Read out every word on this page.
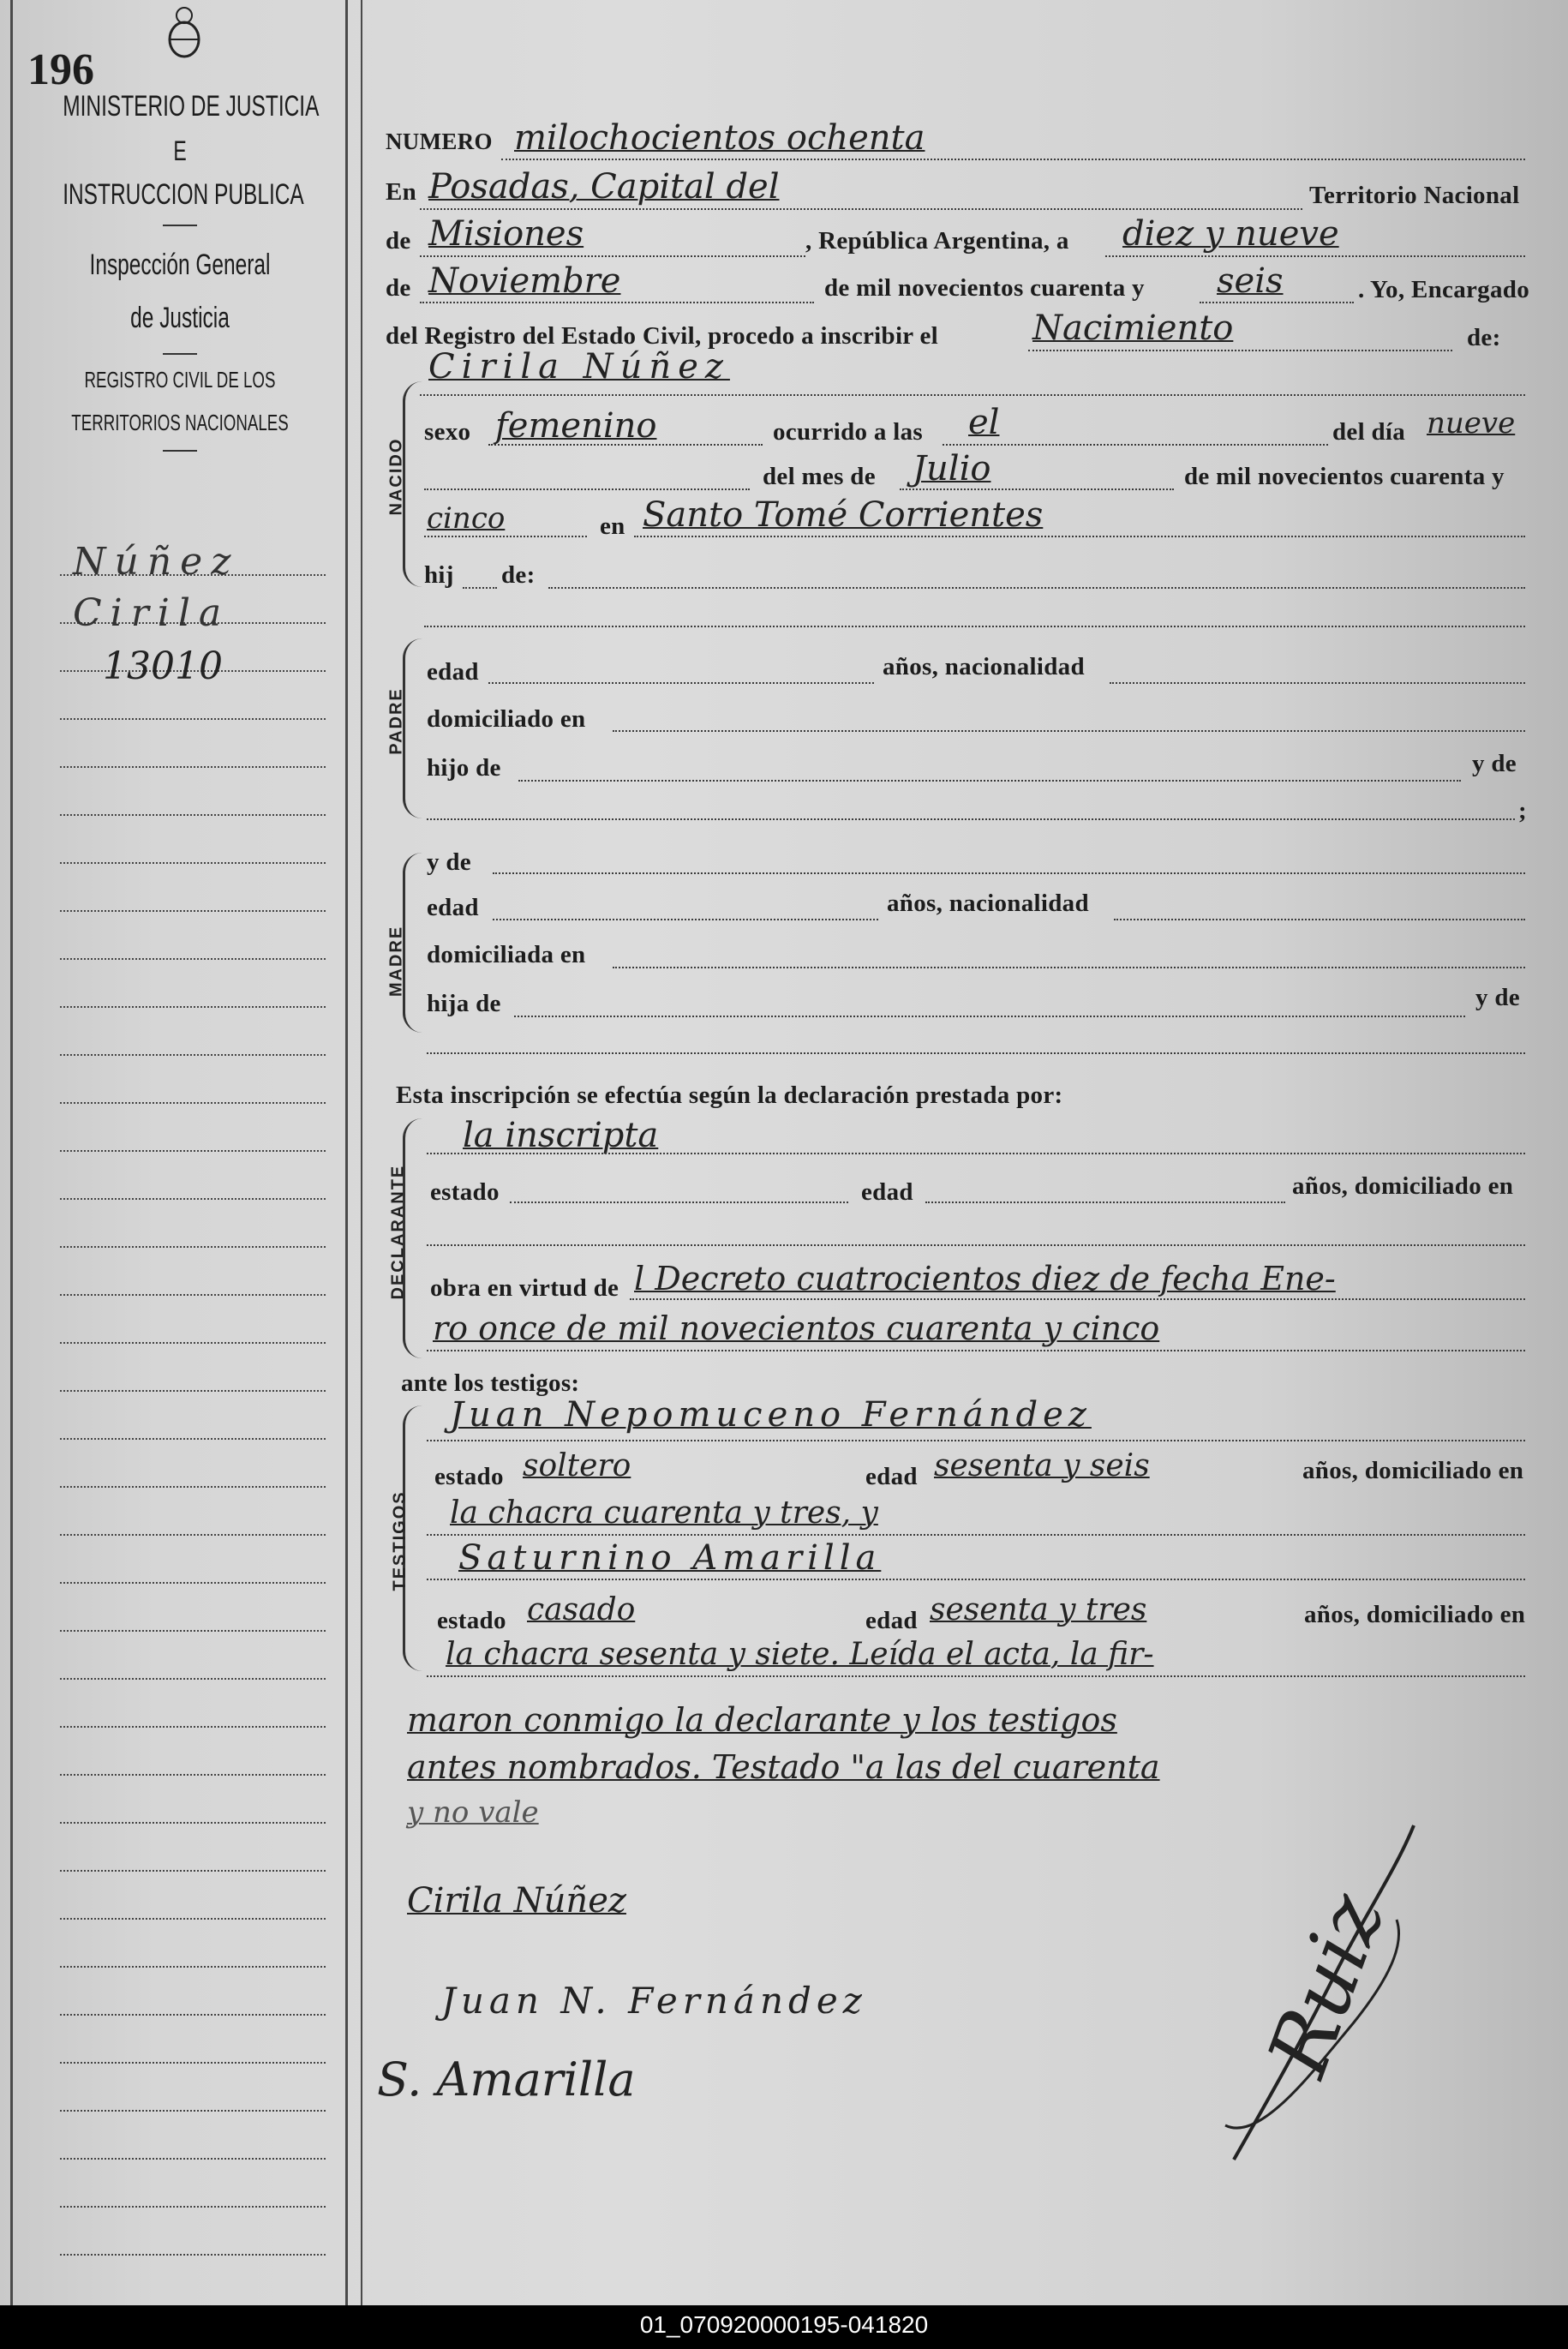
196
MINISTERIO DE JUSTICIA
E
INSTRUCCION PUBLICA
Inspección General
de Justicia
REGISTRO CIVIL DE LOS
TERRITORIOS NACIONALES
Núñez
Cirila
13010
NUMERO milochocientos ochenta
En Posadas, Capital del	Territorio Nacional
de Misiones	, República Argentina, a diez y nueve
de Noviembre	de mil novecientos cuarenta y seis	. Yo, Encargado
del Registro del Estado Civil, procedo a inscribir el	Nacimiento	de:
NACIDO
Cirila Núñez
sexo femenino	ocurrido a las el	del día nueve
del mes de Julio	de mil novecientos cuarenta y
cinco	en Santo Tomé Corrientes
hij de:
PADRE
edad	años, nacionalidad
domiciliado en
hijo de	y de
;
MADRE
y de
edad	años, nacionalidad
domiciliada en
hija de	y de
Esta inscripción se efectúa según la declaración prestada por:
DECLARANTE
la inscripta
estado	edad	años, domiciliado en
obra en virtud de l Decreto cuatrocientos diez de fecha Ene-
ro once de mil novecientos cuarenta y cinco
ante los testigos:
TESTIGOS
Juan Nepomuceno Fernández
estado soltero	edad sesenta y seis	años, domiciliado en
la chacra cuarenta y tres, y
Saturnino Amarilla
estado casado	edad sesenta y tres	años, domiciliado en
la chacra sesenta y siete. Leída el acta, la fir-
maron conmigo la declarante y los testigos
antes nombrados. Testado "a las del cuarenta
y no vale
Cirila Núñez
Juan N. Fernández
S. Amarilla	Ruiz
01_070920000195-041820
